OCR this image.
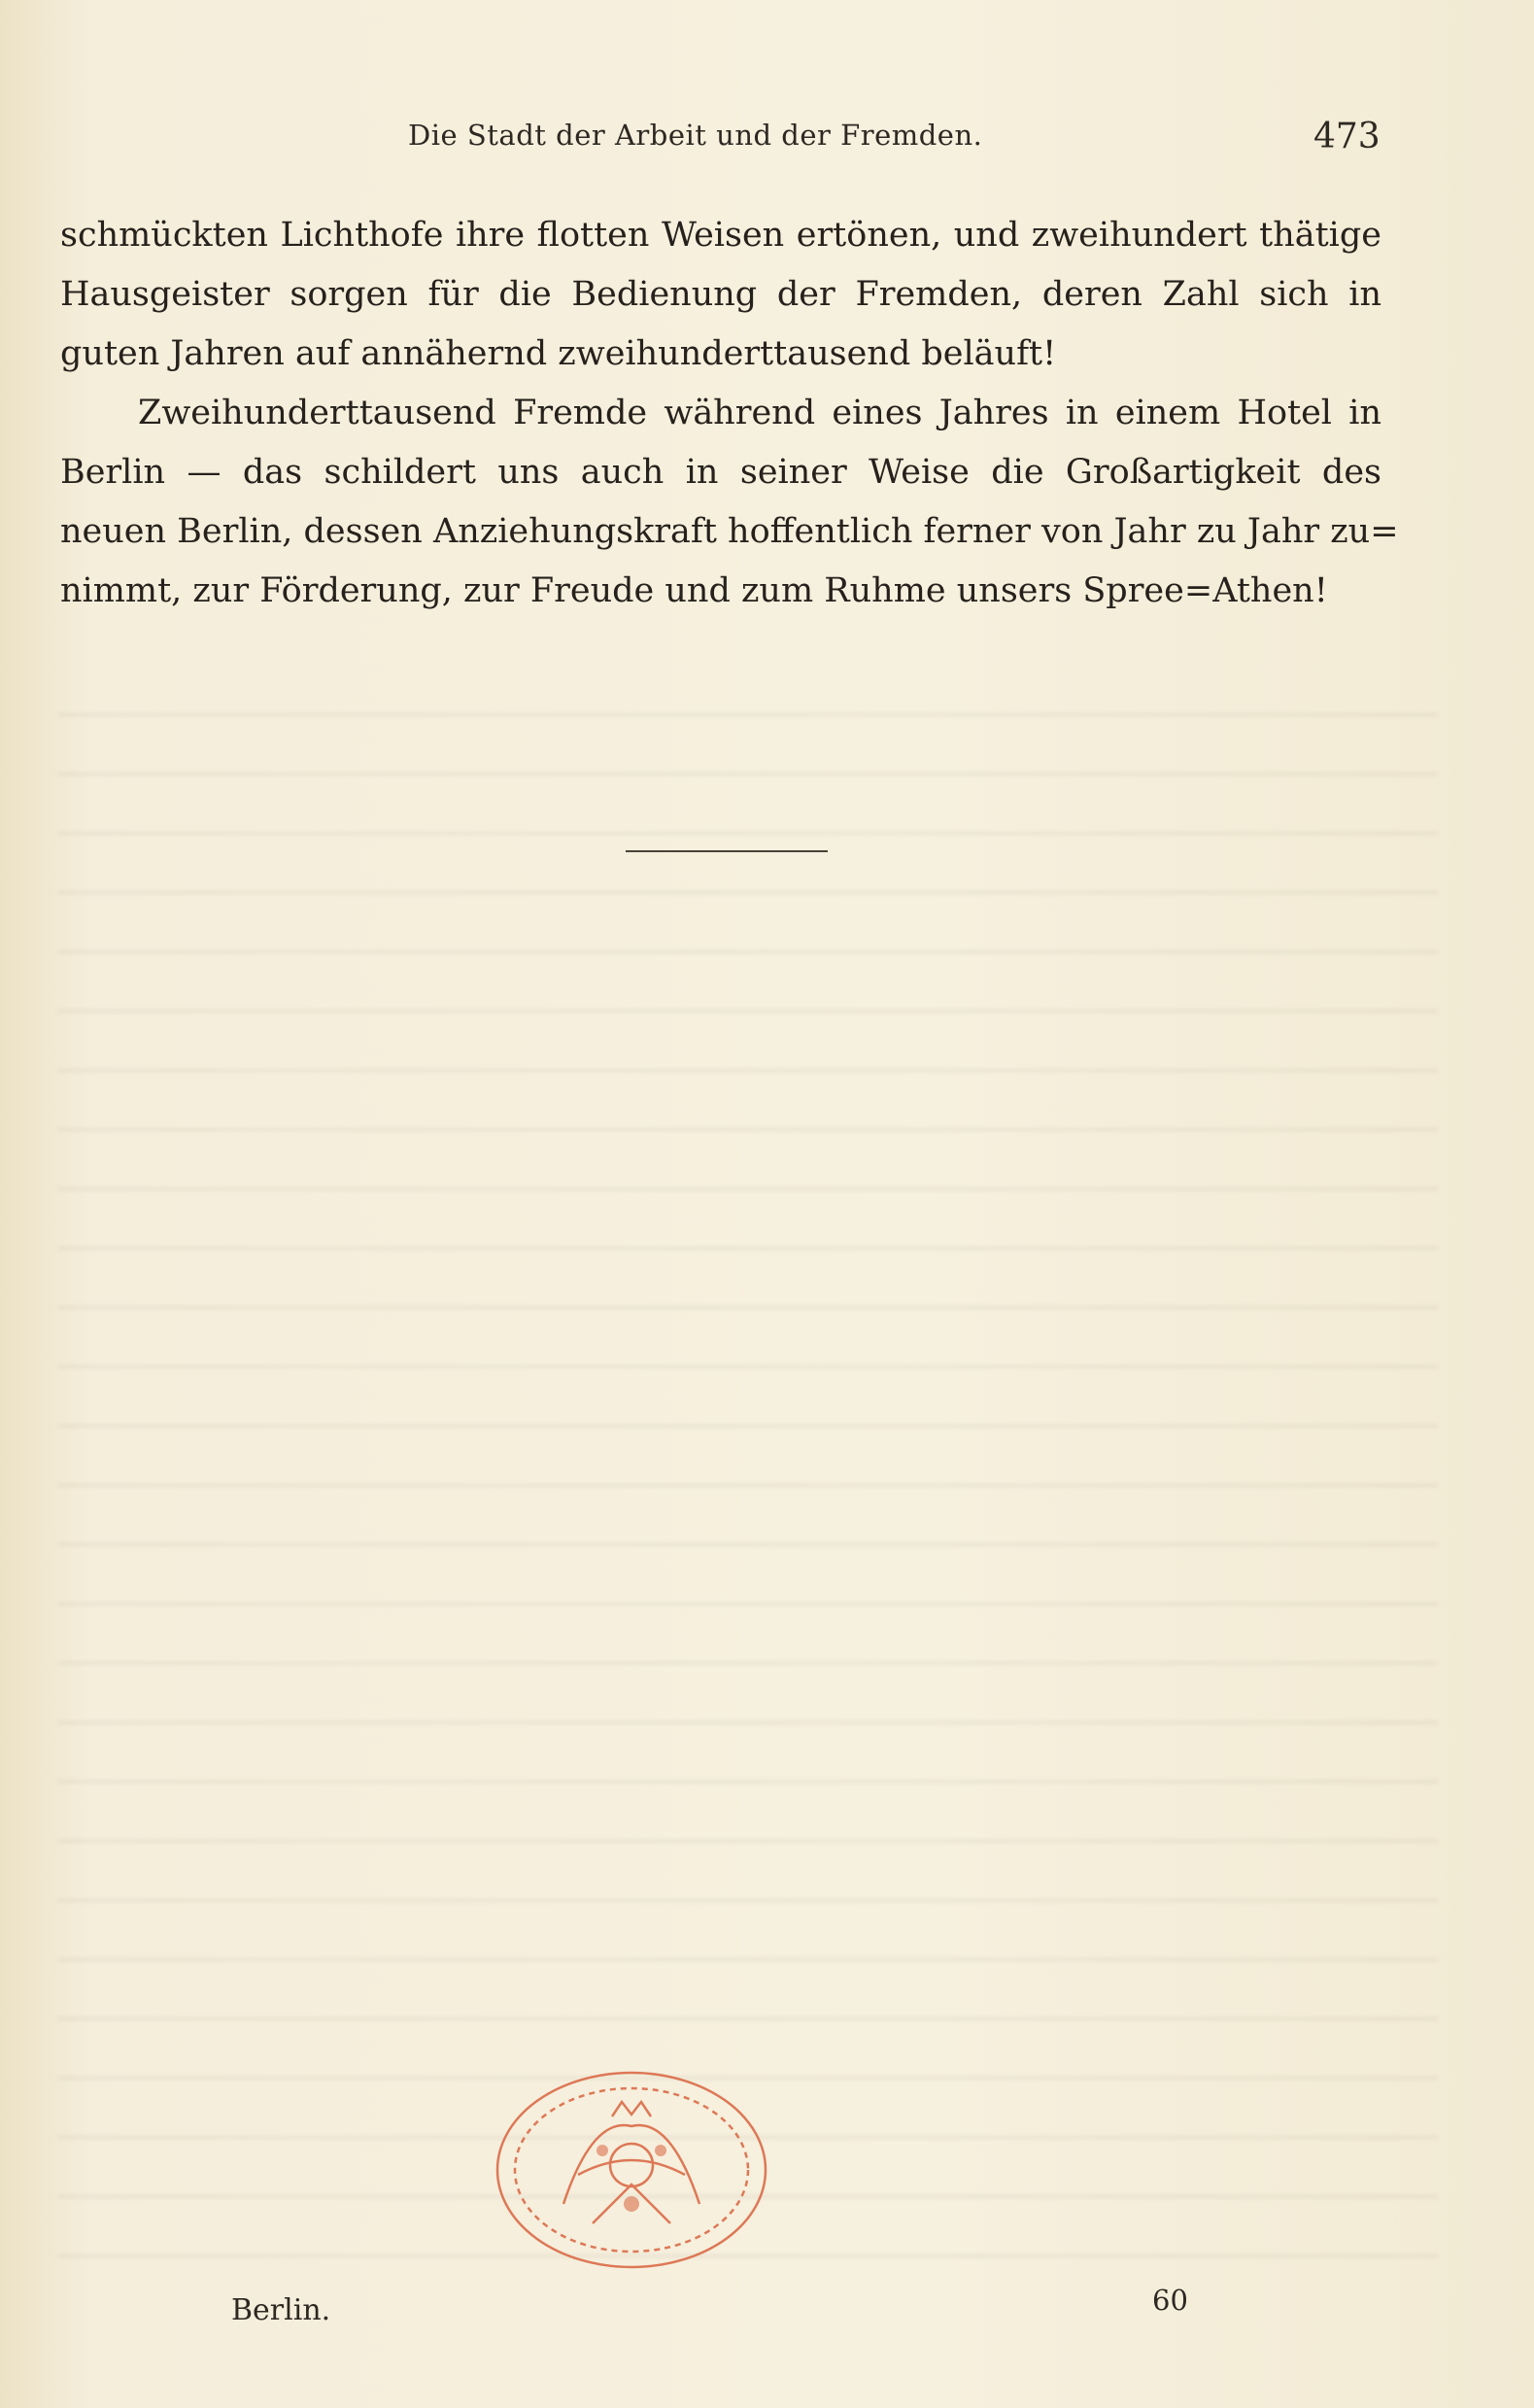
Die Stadt der Arbeit und der Fremden.	473
schmückten Lichthofe ihre flotten Weisen ertönen, und zweihundert thätige
Hausgeister sorgen für die Bedienung der Fremden, deren Zahl sich in
guten Jahren auf annähernd zweihunderttausend beläuft!
Zweihunderttausend Fremde während eines Jahres in einem Hotel in
Berlin — das schildert uns auch in seiner Weise die Großartigkeit des
neuen Berlin, dessen Anziehungskraft hoffentlich ferner von Jahr zu Jahr zu=
nimmt, zur Förderung, zur Freude und zum Ruhme unsers Spree=Athen!
Berlin.	60
